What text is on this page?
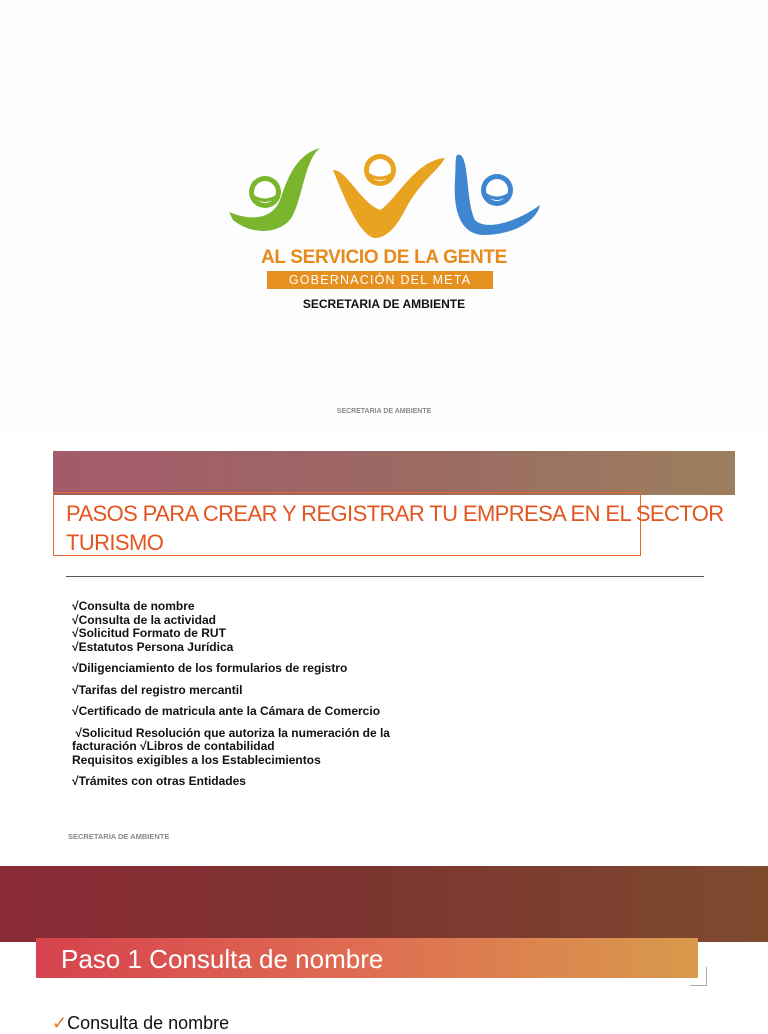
AL SERVICIO DE LA GENTE
GOBERNACIÓN DEL META
SECRETARIA DE AMBIENTE
SECRETARIA DE AMBIENTE
PASOS PARA CREAR Y REGISTRAR TU EMPRESA EN EL SECTOR TURISMO
√Consulta de nombre
√Consulta de la actividad
√Solicitud Formato de RUT
√Estatutos Persona Jurídica
√Diligenciamiento de los formularios de registro
√Tarifas del registro mercantil
√Certificado de matricula ante la Cámara de Comercio
√Solicitud Resolución que autoriza la numeración de la
facturación √Libros de contabilidad
Requisitos exigibles a los Establecimientos
√Trámites con otras Entidades
SECRETARIA DE AMBIENTE
Paso 1 Consulta de nombre
✓Consulta de nombre
